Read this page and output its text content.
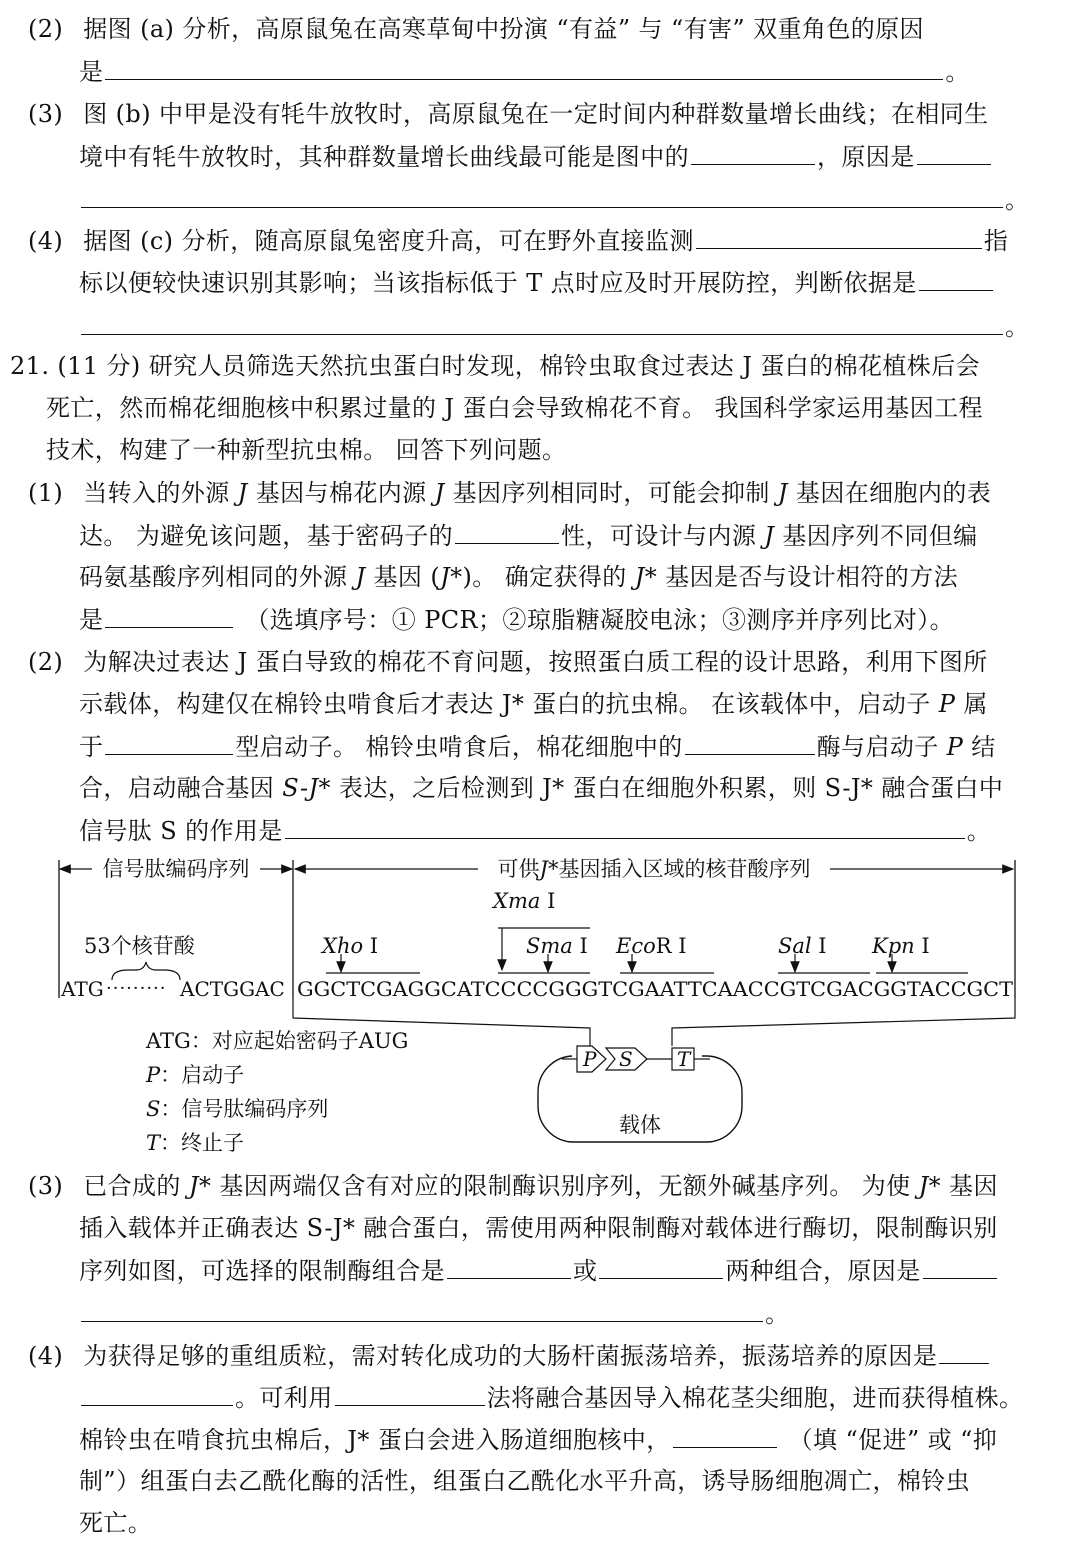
(2) 据图 (a) 分析，高原鼠兔在高寒草甸中扮演 “有益” 与 “有害” 双重角色的原因
是	。
(3) 图 (b) 中甲是没有牦牛放牧时，高原鼠兔在一定时间内种群数量增长曲线；在相同生
境中有牦牛放牧时，其种群数量增长曲线最可能是图中的	，原因是
。
(4) 据图 (c) 分析，随高原鼠兔密度升高，可在野外直接监测	指
标以便较快速识别其影响；当该指标低于 T 点时应及时开展防控，判断依据是
。
21. (11 分) 研究人员筛选天然抗虫蛋白时发现，棉铃虫取食过表达 J 蛋白的棉花植株后会
死亡，然而棉花细胞核中积累过量的 J 蛋白会导致棉花不育。 我国科学家运用基因工程
技术，构建了一种新型抗虫棉。 回答下列问题。
(1) 当转入的外源 J 基因与棉花内源 J 基因序列相同时，可能会抑制 J 基因在细胞内的表
达。 为避免该问题，基于密码子的	性，可设计与内源 J 基因序列不同但编
码氨基酸序列相同的外源 J 基因 (J*)。 确定获得的 J* 基因是否与设计相符的方法
是	（选填序号：① PCR；②琼脂糖凝胶电泳；③测序并序列比对）。
(2) 为解决过表达 J 蛋白导致的棉花不育问题，按照蛋白质工程的设计思路，利用下图所
示载体，构建仅在棉铃虫啃食后才表达 J* 蛋白的抗虫棉。 在该载体中，启动子 P 属
于	型启动子。 棉铃虫啃食后，棉花细胞中的	酶与启动子 P 结
合，启动融合基因 S-J* 表达，之后检测到 J* 蛋白在细胞外积累，则 S-J* 融合蛋白中
信号肽 S 的作用是	。
信号肽编码序列	可供J*基因插入区域的核苷酸序列
Xma I
53个核苷酸	Xho I	Sma I EcoR I	Sal I Kpn I
ATG ········· ACTGGAC GGCTCGAGGCATCCCCGGGTCGAATTCAACCGTCGACGGTACCGCT
P S T
载体
ATG：对应起始密码子AUG
P：启动子
S：信号肽编码序列
T：终止子
(3) 已合成的 J* 基因两端仅含有对应的限制酶识别序列，无额外碱基序列。 为使 J* 基因
插入载体并正确表达 S-J* 融合蛋白，需使用两种限制酶对载体进行酶切，限制酶识别
序列如图，可选择的限制酶组合是	或	两种组合，原因是
。
(4) 为获得足够的重组质粒，需对转化成功的大肠杆菌振荡培养，振荡培养的原因是
。可利用	法将融合基因导入棉花茎尖细胞，进而获得植株。
棉铃虫在啃食抗虫棉后，J* 蛋白会进入肠道细胞核中，	（填 “促进” 或 “抑
制”）组蛋白去乙酰化酶的活性，组蛋白乙酰化水平升高，诱导肠细胞凋亡，棉铃虫
死亡。
